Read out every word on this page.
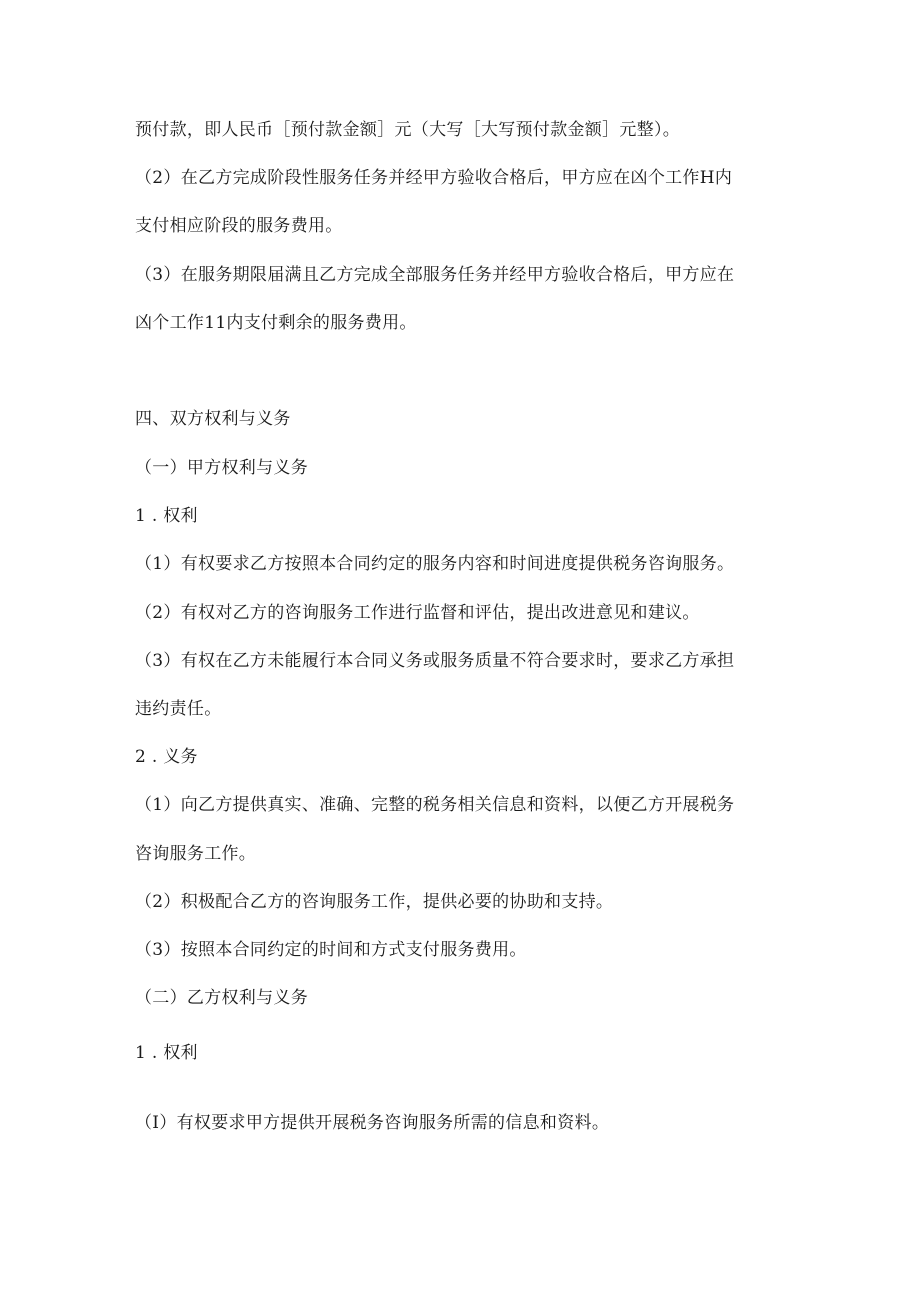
预付款，即人民币［预付款金额］元（大写［大写预付款金额］元整）。
（2）在乙方完成阶段性服务任务并经甲方验收合格后，甲方应在凶个工作H内
支付相应阶段的服务费用。
（3）在服务期限届满且乙方完成全部服务任务并经甲方验收合格后，甲方应在
凶个工作11内支付剩余的服务费用。
四、双方权利与义务
（一）甲方权利与义务
1 . 权利
（1）有权要求乙方按照本合同约定的服务内容和时间进度提供税务咨询服务。
（2）有权对乙方的咨询服务工作进行监督和评估，提出改进意见和建议。
（3）有权在乙方未能履行本合同义务或服务质量不符合要求时，要求乙方承担
违约责任。
2 . 义务
（1）向乙方提供真实、准确、完整的税务相关信息和资料，以便乙方开展税务
咨询服务工作。
（2）积极配合乙方的咨询服务工作，提供必要的协助和支持。
（3）按照本合同约定的时间和方式支付服务费用。
（二）乙方权利与义务
1 . 权利
（I）有权要求甲方提供开展税务咨询服务所需的信息和资料。
